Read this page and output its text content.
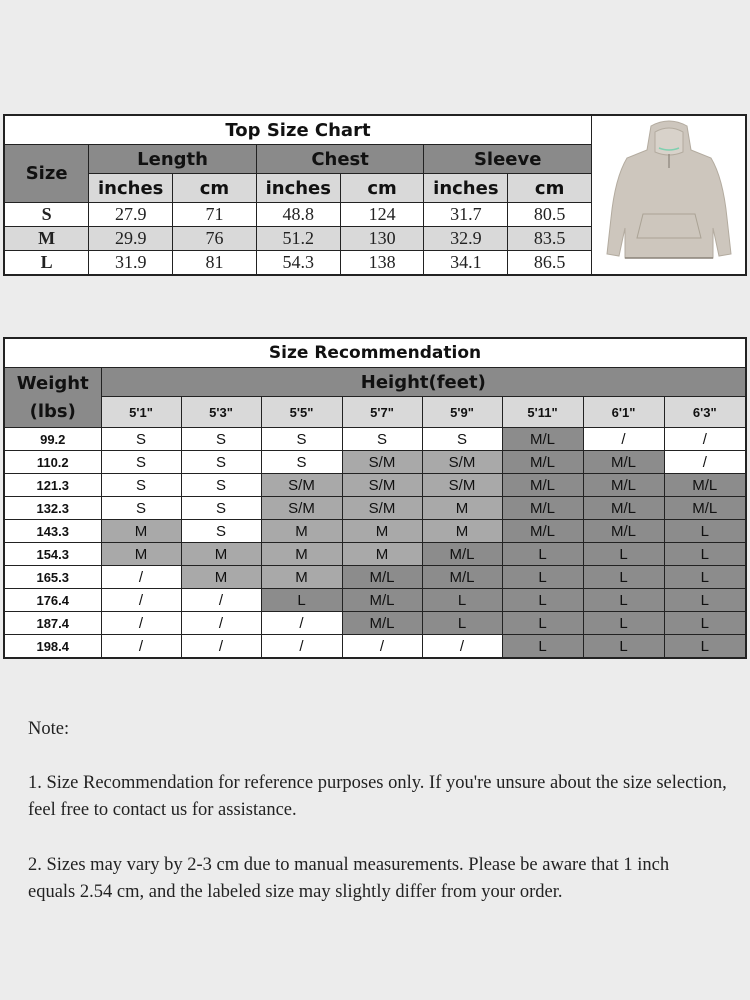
Top Size Chart	
Size	Length		Chest		Sleeve		
	inches	cm	inches	cm	inches	cm	
S	27.9	71	48.8	124	31.7	80.5	
M	29.9	76	51.2	130	32.9	83.5	
L	31.9	81	54.3	138	34.1	86.5	
Size Recommendation								

Weight
(lbs)	Height(feet)							
	5'1"	5'3"	5'5"	5'7"	5'9"	5'11"	6'1"	6'3"
99.2	S	S	S	S	S	M/L	/	/
110.2	S	S	S	S/M	S/M	M/L	M/L	/
121.3	S	S	S/M	S/M	S/M	M/L	M/L	M/L
132.3	S	S	S/M	S/M	M	M/L	M/L	M/L
143.3	M	S	M	M	M	M/L	M/L	L
154.3	M	M	M	M	M/L	L	L	L
165.3	/	M	M	M/L	M/L	L	L	L
176.4	/	/	L	M/L	L	L	L	L
187.4	/	/	/	M/L	L	L	L	L
198.4	/	/	/	/	/	L	L	L

Note:

1. Size Recommendation for reference purposes only. If you're unsure about the size selection, feel free to contact us for assistance.

2. Sizes may vary by 2-3 cm due to manual measurements. Please be aware that 1 inch equals 2.54 cm, and the labeled size may slightly differ from your order.
